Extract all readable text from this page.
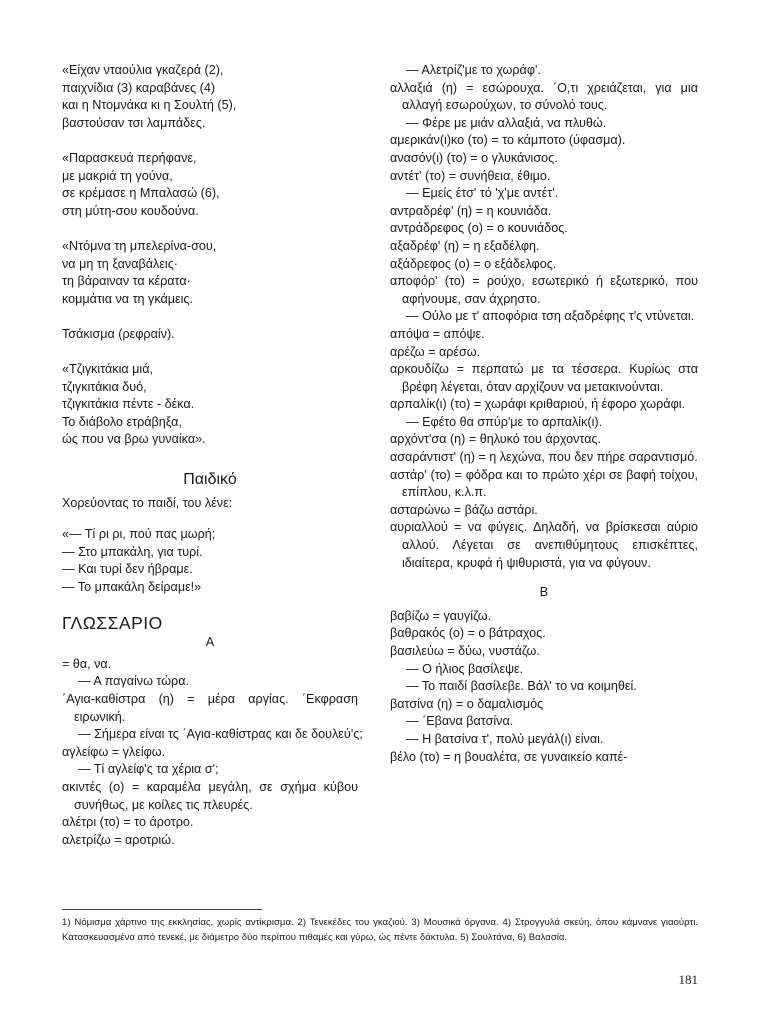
«Είχαν νταούλια γκαζερά (2),

παιχνίδια (3) καραβάνες (4)

και η Ντομνάκα κι η Σουλτή (5),

βαστούσαν τσι λαμπάδες.

«Παρασκευά περήφανε,

με μακριά τη γούνα,

σε κρέμασε η Μπαλασώ (6),

στη μύτη-σου κουδούνα.

«Ντόμνα τη μπελερίνα-σου,

να μη τη ξαναβάλεις·

τη βάραιναν τα κέρατα·

κομμάτια να τη γκάμεις.

Τσάκισμα (ρεφραίν).

«Τζιγκιτάκια μιά,

τζιγκιτάκια δυό,

τζιγκιτάκια πέντε - δέκα.

Το διάβολο ετράβηξα,

ώς που να βρω γυναίκα».

Παιδικό

Χορεύοντας το παιδί, του λένε:

«— Τί ρι ρι, πού πας μωρή;

— Στο μπακάλη, για τυρί.

— Και τυρί δεν ήβραμε.

— Το μπακάλη δείραμε!»

ΓΛΩΣΣΑΡΙΟ
Α

= θα, να.

— Α παγαίνω τώρα.

΄Αγια-καθίστρα (η) = μέρα αργίας. ΄Εκφραση ειρωνική.

— Σήμερα είναι τς ΄Αγια-καθίστρας και δε δουλεύ'ς;

αγλείφω = γλείφω.

— Τί αγλείφ'ς τα χέρια σ';

ακιντές (ο) = καραμέλα μεγάλη, σε σχήμα κύβου συνήθως, με κοίλες τις πλευρές.

αλέτρι (το) = το άροτρο.

αλετρίζω = αροτριώ.

— Αλετρίζ'με το χωράφ'.

αλλαξιά (η) = εσώρουχα. ΄Ο,τι χρειάζεται, για μια αλλαγή εσωρούχων, το σύνολό τους.

— Φέρε με μιάν αλλαξιά, να πλυθώ.

αμερικάν(ι)κο (το) = το κάμποτο (ύφασμα).

ανασόν(ι) (το) = ο γλυκάνισος.

αντέτ' (το) = συνήθεια, έθιμο.

— Εμείς έτσ' τό 'χ'με αντέτ'.

αντραδρέφ' (η) = η κουνιάδα.

αντράδρεφος (ο) = ο κουνιάδος.

αξαδρέφ' (η) = η εξαδέλφη.

αξάδρεφος (ο) = ο εξάδελφος.

αποφόρ' (το) = ρούχο, εσωτερικό ή εξωτερικό, που αφήνουμε, σαν άχρηστο.

— Ούλο με τ' αποφόρια τση αξαδρέφης τ'ς ντύνεται.

απόψα = απόψε.

αρέζω = αρέσω.

αρκουδίζω = περπατώ με τα τέσσερα. Κυρίως στα βρέφη λέγεται, όταν αρχίζουν να μετακινούνται.

αρπαλίκ(ι) (το) = χωράφι κριθαριού, ή έφορο χωράφι.

— Εφέτο θα σπύρ'με το αρπαλίκ(ι).

αρχόντ'σα (η) = θηλυκό του άρχοντας.

ασαράντιστ' (η) = η λεχώνα, που δεν πήρε σαραντισμό.

αστάρ' (το) = φόδρα και το πρώτο χέρι σε βαφή τοίχου, επίπλου, κ.λ.π.

ασταρώνω = βάζω αστάρι.

αυριαλλού = να φύγεις. Δηλαδή, να βρίσκεσαι αύριο αλλού. Λέγεται σε ανεπιθύμητους επισκέπτες, ιδιαίτερα, κρυφά ή ψιθυριστά, για να φύγουν.

Β

βαβίζω = γαυγίζω.

βαθρακός (ο) = ο βάτραχος.

βασιλεύω = δύω, νυστάζω.

— Ο ήλιος βασίλεψε.

— Το παιδί βασίλεβε. Βάλ' το να κοιμηθεί.

βατσίνα (η) = ο δαμαλισμός

— ΄Εβανα βατσίνα.

— Η βατσίνα τ', πολύ μεγάλ(ι) είναι.

βέλο (το) = η βουαλέτα, σε γυναικείο καπέ-

1) Νόμισμα χάρτινο της εκκλησίας, χωρίς αντίκρισμα. 2) Τενεκέδες του γκαζιού. 3) Μουσικά όργανα. 4) Στρογγυλά σκεύη, όπου κάμνανε γιαούρτι. Κατασκευασμένα από τενεκέ, με διάμετρο δύο περίπου πιθαμές και γύρω, ώς πέντε δάκτυλα. 5) Σουλτάνα, 6) Βαλασία.
181
